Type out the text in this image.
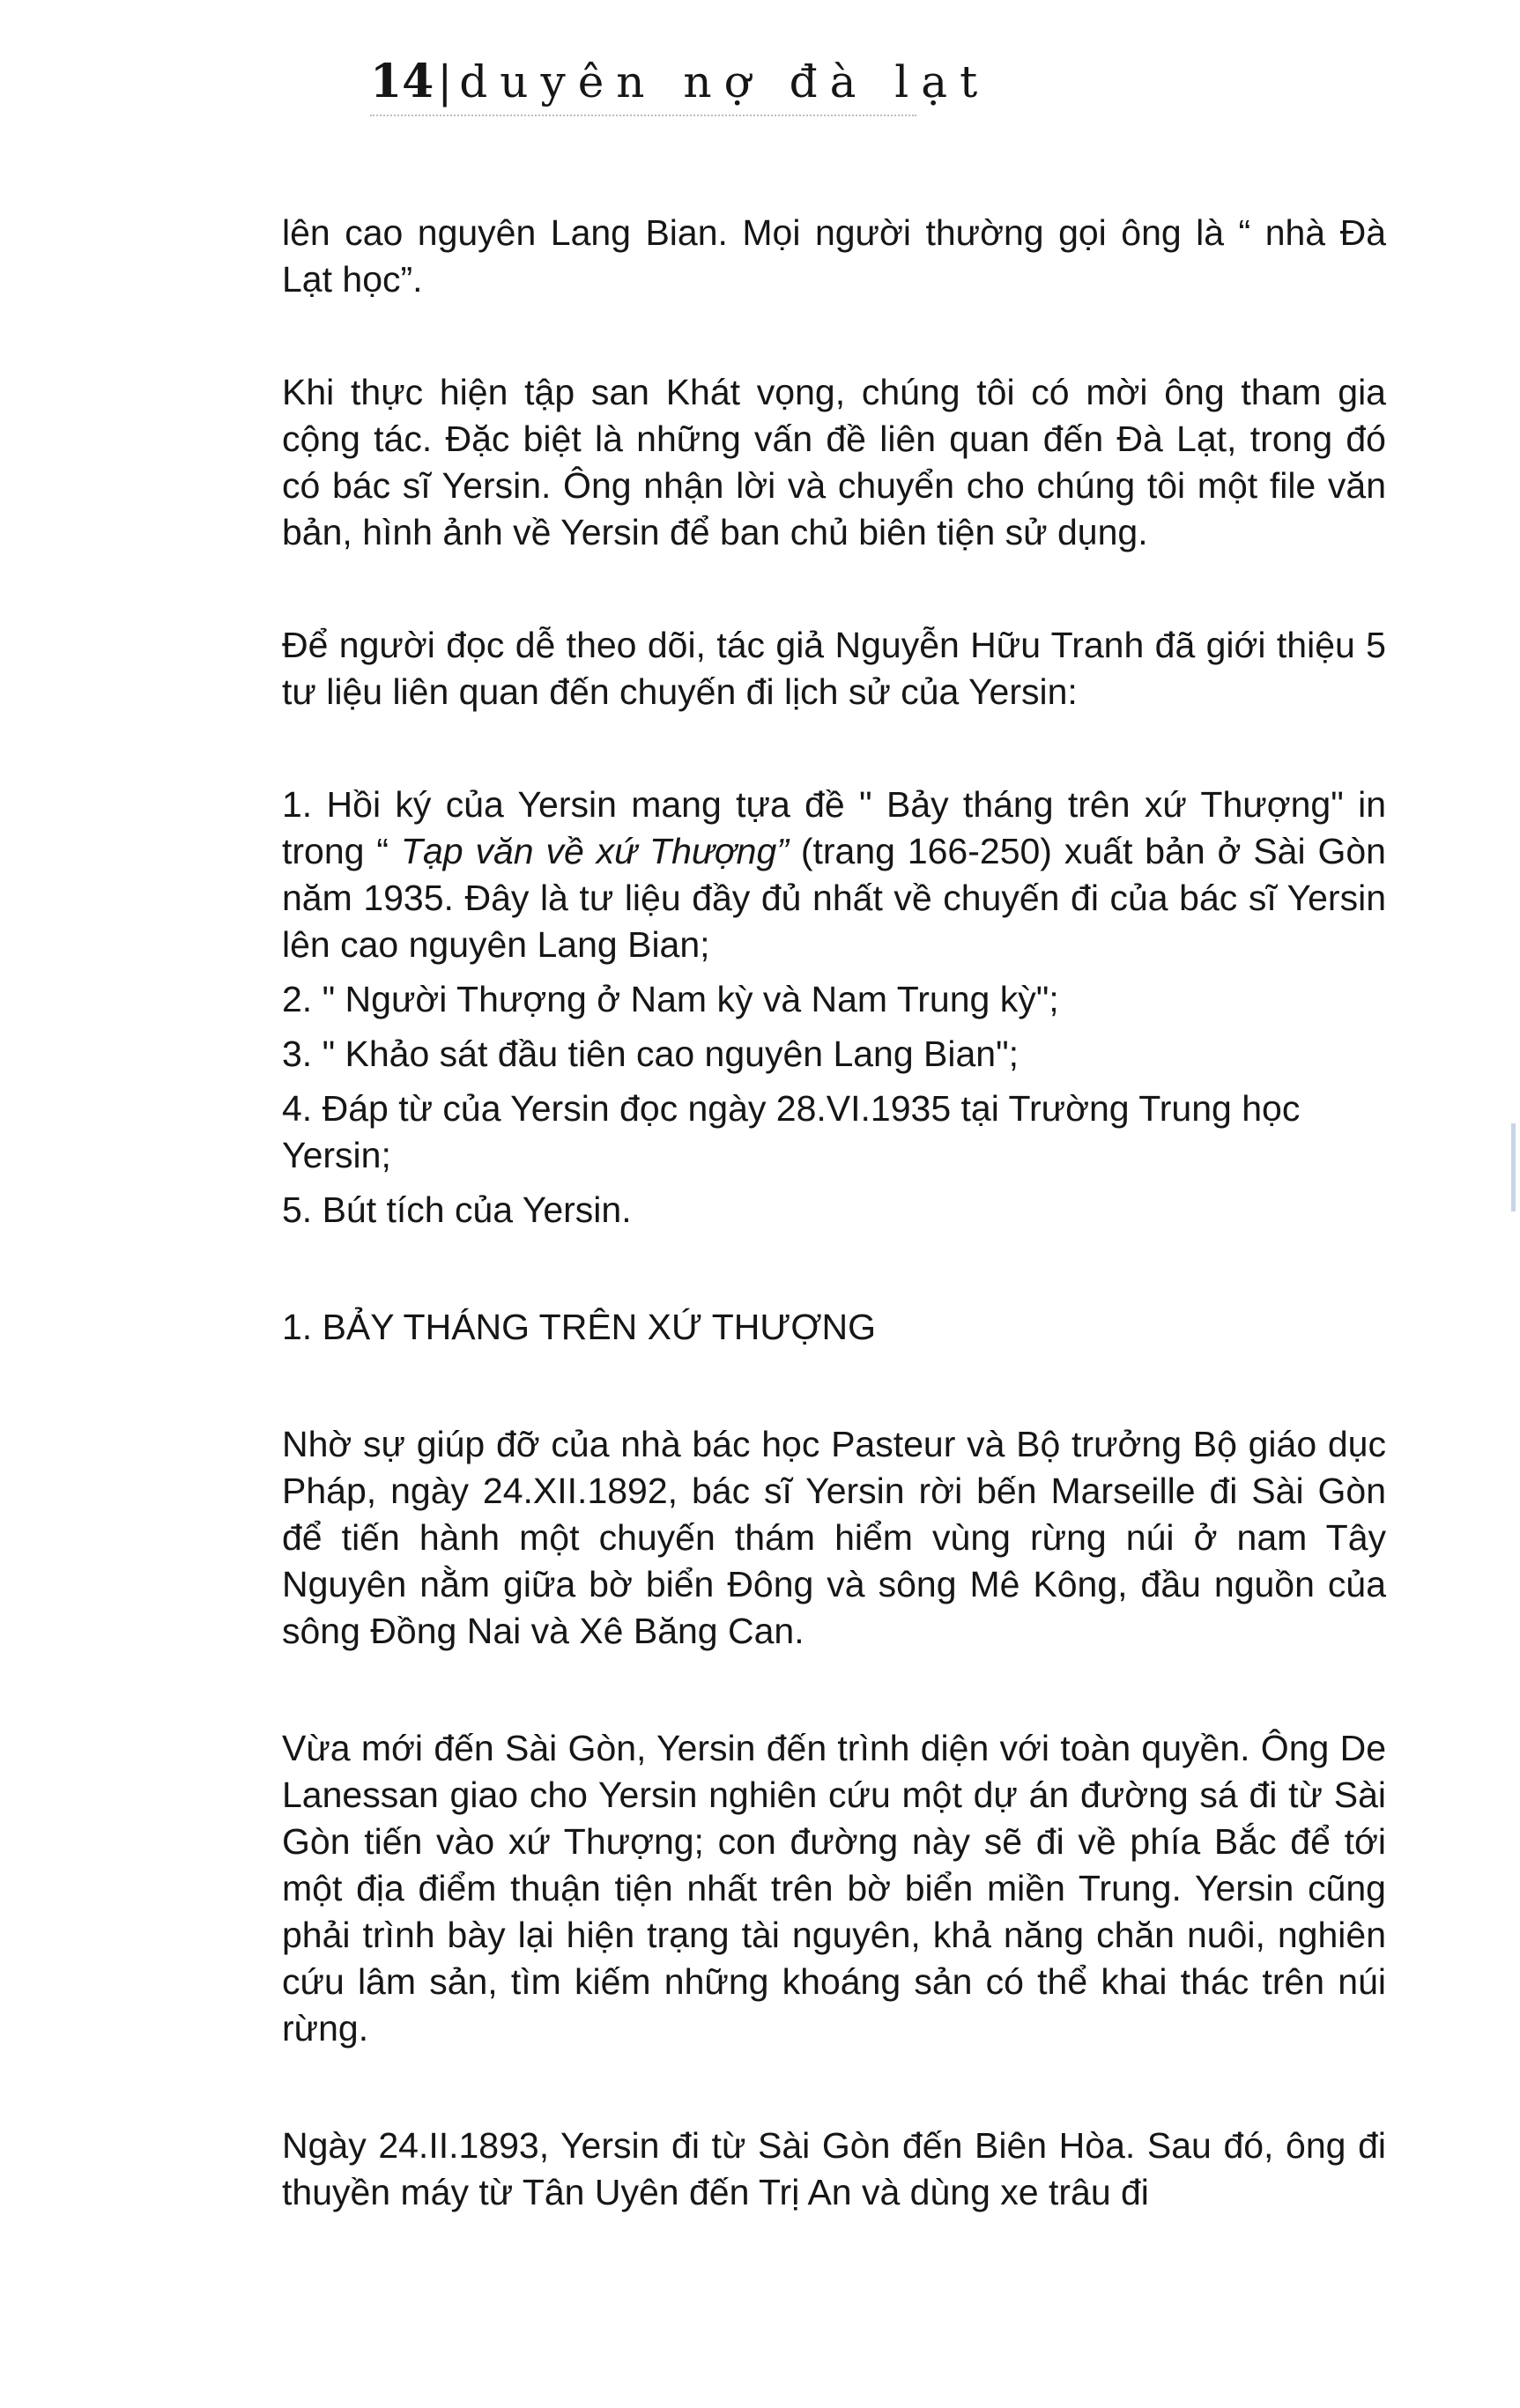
14| duyên nợ đà lạt

lên cao nguyên Lang Bian. Mọi người thường gọi ông là “ nhà Đà Lạt học”.

Khi thực hiện tập san Khát vọng, chúng tôi có mời ông tham gia cộng tác. Đặc biệt là những vấn đề liên quan đến Đà Lạt, trong đó có bác sĩ Yersin. Ông nhận lời và chuyển cho chúng tôi một file văn bản, hình ảnh về Yersin để ban chủ biên tiện sử dụng.

Để người đọc dễ theo dõi, tác giả Nguyễn Hữu Tranh đã giới thiệu 5 tư liệu liên quan đến chuyến đi lịch sử của Yersin:

1. Hồi ký của Yersin mang tựa đề " Bảy tháng trên xứ Thượng" in trong “ Tạp văn về xứ Thượng” (trang 166-250) xuất bản ở Sài Gòn năm 1935. Đây là tư liệu đầy đủ nhất về chuyến đi của bác sĩ Yersin lên cao nguyên Lang Bian;

2. " Người Thượng ở Nam kỳ và Nam Trung kỳ";

3. " Khảo sát đầu tiên cao nguyên Lang Bian";

4. Đáp từ của Yersin đọc ngày 28.VI.1935 tại Trường Trung học Yersin;

5. Bút tích của Yersin.

1. BẢY THÁNG TRÊN XỨ THƯỢNG

Nhờ sự giúp đỡ của nhà bác học Pasteur và Bộ trưởng Bộ giáo dục Pháp, ngày 24.XII.1892, bác sĩ Yersin rời bến Marseille đi Sài Gòn để tiến hành một chuyến thám hiểm vùng rừng núi ở nam Tây Nguyên nằm giữa bờ biển Đông và sông Mê Kông, đầu nguồn của sông Đồng Nai và Xê Băng Can.

Vừa mới đến Sài Gòn, Yersin đến trình diện với toàn quyền. Ông De Lanessan giao cho Yersin nghiên cứu một dự án đường sá đi từ Sài Gòn tiến vào xứ Thượng; con đường này sẽ đi về phía Bắc để tới một địa điểm thuận tiện nhất trên bờ biển miền Trung. Yersin cũng phải trình bày lại hiện trạng tài nguyên, khả năng chăn nuôi, nghiên cứu lâm sản, tìm kiếm những khoáng sản có thể khai thác trên núi rừng.

Ngày 24.II.1893, Yersin đi từ Sài Gòn đến Biên Hòa. Sau đó, ông đi thuyền máy từ Tân Uyên đến Trị An và dùng xe trâu đi
